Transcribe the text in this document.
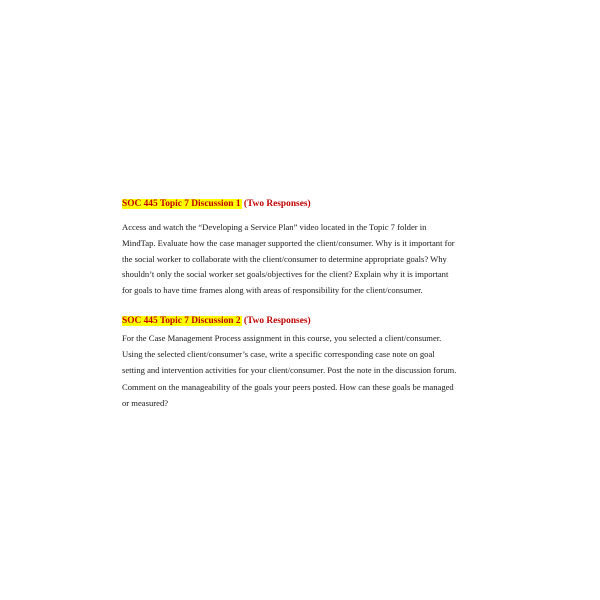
SOC 445 Topic 7 Discussion 1 (Two Responses)

Access and watch the “Developing a Service Plan” video located in the Topic 7 folder in
MindTap. Evaluate how the case manager supported the client/consumer. Why is it important for
the social worker to collaborate with the client/consumer to determine appropriate goals? Why
shouldn’t only the social worker set goals/objectives for the client? Explain why it is important
for goals to have time frames along with areas of responsibility for the client/consumer.

SOC 445 Topic 7 Discussion 2 (Two Responses)

For the Case Management Process assignment in this course, you selected a client/consumer.
Using the selected client/consumer’s case, write a specific corresponding case note on goal
setting and intervention activities for your client/consumer. Post the note in the discussion forum.
Comment on the manageability of the goals your peers posted. How can these goals be managed
or measured?
